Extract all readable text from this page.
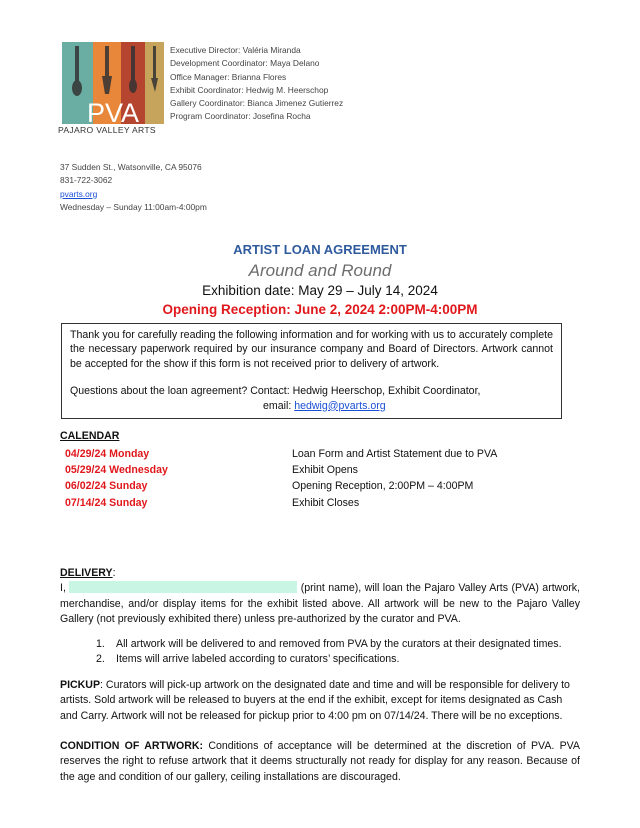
PVA
PAJARO VALLEY ARTS
Executive Director: Valéria Miranda
Development Coordinator: Maya Delano
Office Manager: Brianna Flores
Exhibit Coordinator: Hedwig M. Heerschop
Gallery Coordinator: Bianca Jimenez Gutierrez
Program Coordinator: Josefina Rocha
37 Sudden St., Watsonville, CA 95076
831-722-3062
pvarts.org
Wednesday – Sunday 11:00am-4:00pm
ARTIST LOAN AGREEMENT
Around and Round
Exhibition date: May 29 – July 14, 2024
Opening Reception: June 2, 2024 2:00PM-4:00PM
Thank you for carefully reading the following information and for working with us to accurately complete the necessary paperwork required by our insurance company and Board of Directors. Artwork cannot be accepted for the show if this form is not received prior to delivery of artwork.
Questions about the loan agreement? Contact: Hedwig Heerschop, Exhibit Coordinator,
email: hedwig@pvarts.org
CALENDAR
04/29/24 Monday	Loan Form and Artist Statement due to PVA
05/29/24 Wednesday	Exhibit Opens
06/02/24 Sunday	Opening Reception, 2:00PM – 4:00PM
07/14/24 Sunday	Exhibit Closes
DELIVERY:
I,	(print name), will loan the Pajaro Valley Arts (PVA) artwork, merchandise, and/or display items for the exhibit listed above. All artwork will be new to the Pajaro Valley Gallery (not previously exhibited there) unless pre-authorized by the curator and PVA.
1.	All artwork will be delivered to and removed from PVA by the curators at their designated times.
2.	Items will arrive labeled according to curators’ specifications.
PICKUP: Curators will pick-up artwork on the designated date and time and will be responsible for delivery to artists. Sold artwork will be released to buyers at the end if the exhibit, except for items designated as Cash and Carry. Artwork will not be released for pickup prior to 4:00 pm on 07/14/24. There will be no exceptions.
CONDITION OF ARTWORK: Conditions of acceptance will be determined at the discretion of PVA. PVA reserves the right to refuse artwork that it deems structurally not ready for display for any reason. Because of the age and condition of our gallery, ceiling installations are discouraged.
